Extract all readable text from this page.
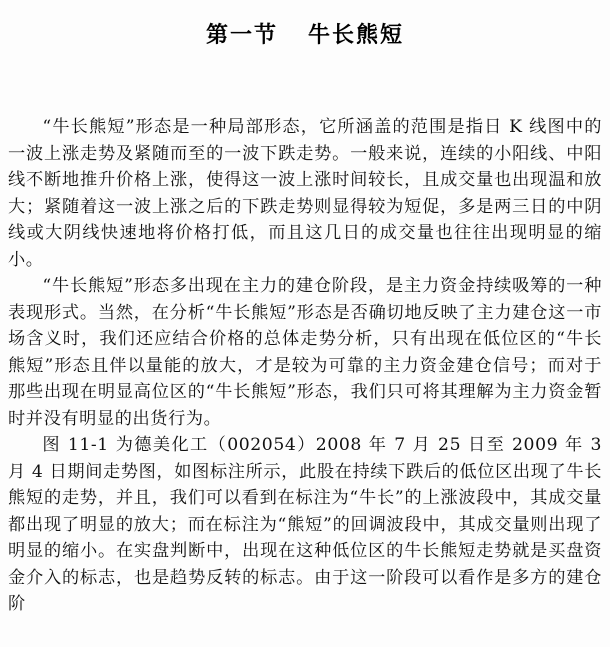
第一节 牛长熊短

“牛长熊短”形态是一种局部形态，它所涵盖的范围是指日 K 线图中的一波上涨走势及紧随而至的一波下跌走势。一般来说，连续的小阳线、中阳线不断地推升价格上涨，使得这一波上涨时间较长，且成交量也出现温和放大；紧随着这一波上涨之后的下跌走势则显得较为短促，多是两三日的中阴线或大阴线快速地将价格打低，而且这几日的成交量也往往出现明显的缩小。

“牛长熊短”形态多出现在主力的建仓阶段，是主力资金持续吸筹的一种表现形式。当然，在分析“牛长熊短”形态是否确切地反映了主力建仓这一市场含义时，我们还应结合价格的总体走势分析，只有出现在低位区的“牛长熊短”形态且伴以量能的放大，才是较为可靠的主力资金建仓信号；而对于那些出现在明显高位区的“牛长熊短”形态，我们只可将其理解为主力资金暂时并没有明显的出货行为。

图 11-1 为德美化工（002054）2008 年 7 月 25 日至 2009 年 3 月 4 日期间走势图，如图标注所示，此股在持续下跌后的低位区出现了牛长熊短的走势，并且，我们可以看到在标注为“牛长”的上涨波段中，其成交量都出现了明显的放大；而在标注为“熊短”的回调波段中，其成交量则出现了明显的缩小。在实盘判断中，出现在这种低位区的牛长熊短走势就是买盘资金介入的标志，也是趋势反转的标志。由于这一阶段可以看作是多方的建仓阶
